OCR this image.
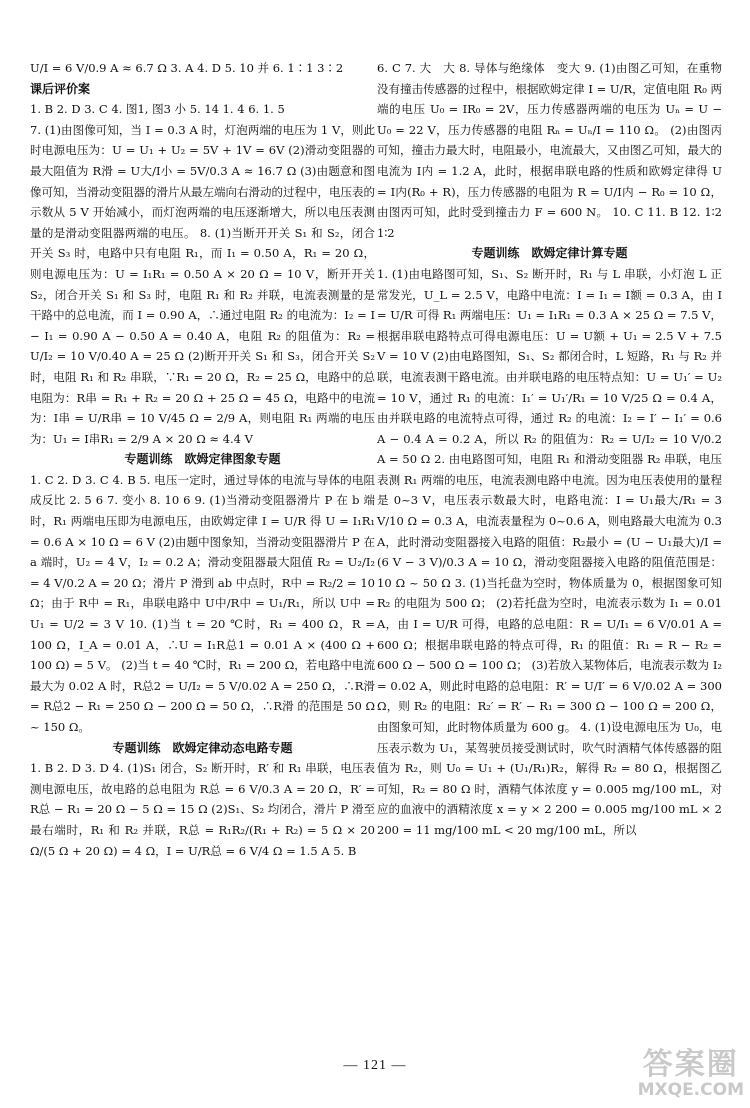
U/I = 6 V/0.9 A ≈ 6.7 Ω 3. A 4. D 5. 10 并 6. 1∶1 3∶2

课后评价案

1. B 2. D 3. C 4. 图1, 图3 小 5. 14 1. 4 6. 1. 5

7. (1)由图像可知，当 I = 0.3 A 时，灯泡两端的电压为 1 V，则此时电源电压为：U = U₁ + U₂ = 5V + 1V = 6V (2)滑动变阻器的最大阻值为 R滑 = U大/I小 = 5V/0.3 A ≈ 16.7 Ω (3)由题意和图像可知，当滑动变阻器的滑片从最左端向右滑动的过程中，电压表的示数从 5 V 开始减小，而灯泡两端的电压逐渐增大，所以电压表测量的是滑动变阻器两端的电压。 8. (1)当断开开关 S₁ 和 S₂，闭合开关 S₃ 时，电路中只有电阻 R₁，而 I₁ = 0.50 A，R₁ = 20 Ω，则电源电压为：U = I₁R₁ = 0.50 A × 20 Ω = 10 V，断开开关 S₂，闭合开关 S₁ 和 S₃ 时，电阻 R₁ 和 R₂ 并联，电流表测量的是干路中的总电流，而 I = 0.90 A，∴通过电阻 R₂ 的电流为：I₂ = I − I₁ = 0.90 A − 0.50 A = 0.40 A，电阻 R₂ 的阻值为：R₂ = U/I₂ = 10 V/0.40 A = 25 Ω (2)断开开关 S₁ 和 S₃，闭合开关 S₂ 时，电阻 R₁ 和 R₂ 串联，∵R₁ = 20 Ω，R₂ = 25 Ω，电路中的总电阻为：R串 = R₁ + R₂ = 20 Ω + 25 Ω = 45 Ω，电路中的电流为：I串 = U/R串 = 10 V/45 Ω = 2/9 A，则电阻 R₁ 两端的电压为：U₁ = I串R₁ = 2/9 A × 20 Ω ≈ 4.4 V

专题训练　欧姆定律图象专题

1. C 2. D 3. C 4. B 5. 电压一定时，通过导体的电流与导体的电阻成反比 2. 5 6 7. 变小 8. 10 6 9. (1)当滑动变阻器滑片 P 在 b 端时，R₁ 两端电压即为电源电压，由欧姆定律 I = U/R 得 U = I₁R₁ = 0.6 A × 10 Ω = 6 V (2)由题中图象知，当滑动变阻器滑片 P 在 a 端时，U₂ = 4 V，I₂ = 0.2 A；滑动变阻器最大阻值 R₂ = U₂/I₂ = 4 V/0.2 A = 20 Ω；滑片 P 滑到 ab 中点时，R中 = R₂/2 = 10 Ω；由于 R中 = R₁，串联电路中 U中/R中 = U₁/R₁，所以 U中 = U₁ = U/2 = 3 V 10. (1)当 t = 20 ℃时，R₁ = 400 Ω，R = 100 Ω，I_A = 0.01 A，∴U = I₁R总1 = 0.01 A × (400 Ω + 100 Ω) = 5 V。 (2)当 t = 40 ℃时，R₁ = 200 Ω，若电路中电流最大为 0.02 A 时，R总2 = U/I₂ = 5 V/0.02 A = 250 Ω，∴R滑 = R总2 − R₁ = 250 Ω − 200 Ω = 50 Ω，∴R滑 的范围是 50 Ω ~ 150 Ω。

专题训练　欧姆定律动态电路专题

1. B 2. D 3. D 4. (1)S₁ 闭合，S₂ 断开时，R′ 和 R₁ 串联，电压表测电源电压，故电路的总电阻为 R总 = 6 V/0.3 A = 20 Ω，R′ = R总 − R₁ = 20 Ω − 5 Ω = 15 Ω (2)S₁、S₂ 均闭合，滑片 P 滑至最右端时，R₁ 和 R₂ 并联，R总 = R₁R₂/(R₁ + R₂) = 5 Ω × 20 Ω/(5 Ω + 20 Ω) = 4 Ω，I = U/R总 = 6 V/4 Ω = 1.5 A 5. B

6. C 7. 大　大 8. 导体与绝缘体　变大 9. (1)由图乙可知，在重物没有撞击传感器的过程中，根据欧姆定律 I = U/R，定值电阻 R₀ 两端的电压 U₀ = IR₀ = 2V，压力传感器两端的电压为 Uₙ = U − U₀ = 22 V，压力传感器的电阻 Rₙ = Uₙ/I = 110 Ω。 (2)由图丙可知，撞击力最大时，电阻最小，电流最大，又由图乙可知，最大的电流为 I内 = 1.2 A，此时，根据串联电路的性质和欧姆定律得 U = I内(R₀ + R)，压力传感器的电阻为 R = U/I内 − R₀ = 10 Ω，由图丙可知，此时受到撞击力 F = 600 N。 10. C 11. B 12. 1∶2 1∶2

专题训练　欧姆定律计算专题

1. (1)由电路图可知，S₁、S₂ 断开时，R₁ 与 L 串联，小灯泡 L 正常发光，U_L = 2.5 V，电路中电流：I = I₁ = I额 = 0.3 A，由 I = U/R 可得 R₁ 两端电压：U₁ = I₁R₁ = 0.3 A × 25 Ω = 7.5 V，根据串联电路特点可得电源电压：U = U额 + U₁ = 2.5 V + 7.5 V = 10 V (2)由电路图知，S₁、S₂ 都闭合时，L 短路，R₁ 与 R₂ 并联，电流表测干路电流。由并联电路的电压特点知：U = U₁′ = U₂ = 10 V，通过 R₁ 的电流：I₁′ = U₁′/R₁ = 10 V/25 Ω = 0.4 A，由并联电路的电流特点可得，通过 R₂ 的电流：I₂ = I′ − I₁′ = 0.6 A − 0.4 A = 0.2 A，所以 R₂ 的阻值为：R₂ = U/I₂ = 10 V/0.2 A = 50 Ω 2. 由电路图可知，电阻 R₁ 和滑动变阻器 R₂ 串联，电压表测 R₁ 两端的电压，电流表测电路中电流。因为电压表使用的量程是 0~3 V，电压表示数最大时，电路电流：I = U₁最大/R₁ = 3 V/10 Ω = 0.3 A，电流表量程为 0~0.6 A，则电路最大电流为 0.3 A，此时滑动变阻器接入电路的阻值：R₂最小 = (U − U₁最大)/I = (6 V − 3 V)/0.3 A = 10 Ω，滑动变阻器接入电路的阻值范围是：10 Ω ~ 50 Ω 3. (1)当托盘为空时，物体质量为 0，根据图象可知 R₂ 的电阻为 500 Ω； (2)若托盘为空时，电流表示数为 I₁ = 0.01 A，由 I = U/R 可得，电路的总电阻：R = U/I₁ = 6 V/0.01 A = 600 Ω；根据串联电路的特点可得，R₁ 的阻值：R₁ = R − R₂ = 600 Ω − 500 Ω = 100 Ω； (3)若放入某物体后，电流表示数为 I₂ = 0.02 A，则此时电路的总电阻：R′ = U/I′ = 6 V/0.02 A = 300 Ω，则 R₂ 的电阻：R₂′ = R′ − R₁ = 300 Ω − 100 Ω = 200 Ω，由图象可知，此时物体质量为 600 g。 4. (1)设电源电压为 U₀，电压表示数为 U₁，某驾驶员接受测试时，吹气时酒精气体传感器的阻值为 R₂，则 U₀ = U₁ + (U₁/R₁)R₂，解得 R₂ = 80 Ω，根据图乙可知，R₂ = 80 Ω 时，酒精气体浓度 y = 0.005 mg/100 mL，对应的血液中的酒精浓度 x = y × 2 200 = 0.005 mg/100 mL × 2 200 = 11 mg/100 mL < 20 mg/100 mL，所以

— 121 —	答案圈
MXQE.COM
